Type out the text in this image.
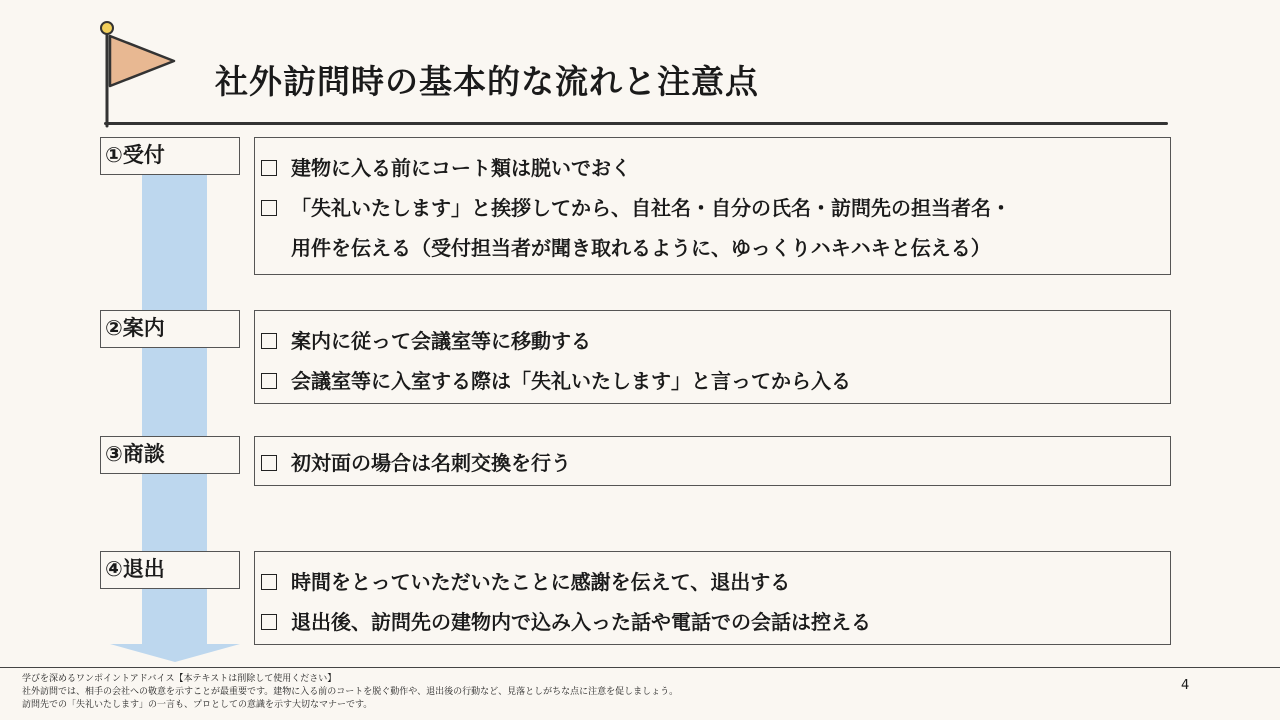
社外訪問時の基本的な流れと注意点
①受付
建物に入る前にコート類は脱いでおく
「失礼いたします」と挨拶してから、自社名・自分の氏名・訪問先の担当者名・
用件を伝える（受付担当者が聞き取れるように、ゆっくりハキハキと伝える）
②案内
案内に従って会議室等に移動する
会議室等に入室する際は「失礼いたします」と言ってから入る
③商談	初対面の場合は名刺交換を行う
④退出
時間をとっていただいたことに感謝を伝えて、退出する
退出後、訪問先の建物内で込み入った話や電話での会話は控える
学びを深めるワンポイントアドバイス【本テキストは削除して使用ください】
社外訪問では、相手の会社への敬意を示すことが最重要です。建物に入る前のコートを脱ぐ動作や、退出後の行動など、見落としがちな点に注意を促しましょう。
訪問先での「失礼いたします」の一言も、プロとしての意識を示す大切なマナーです。
4
